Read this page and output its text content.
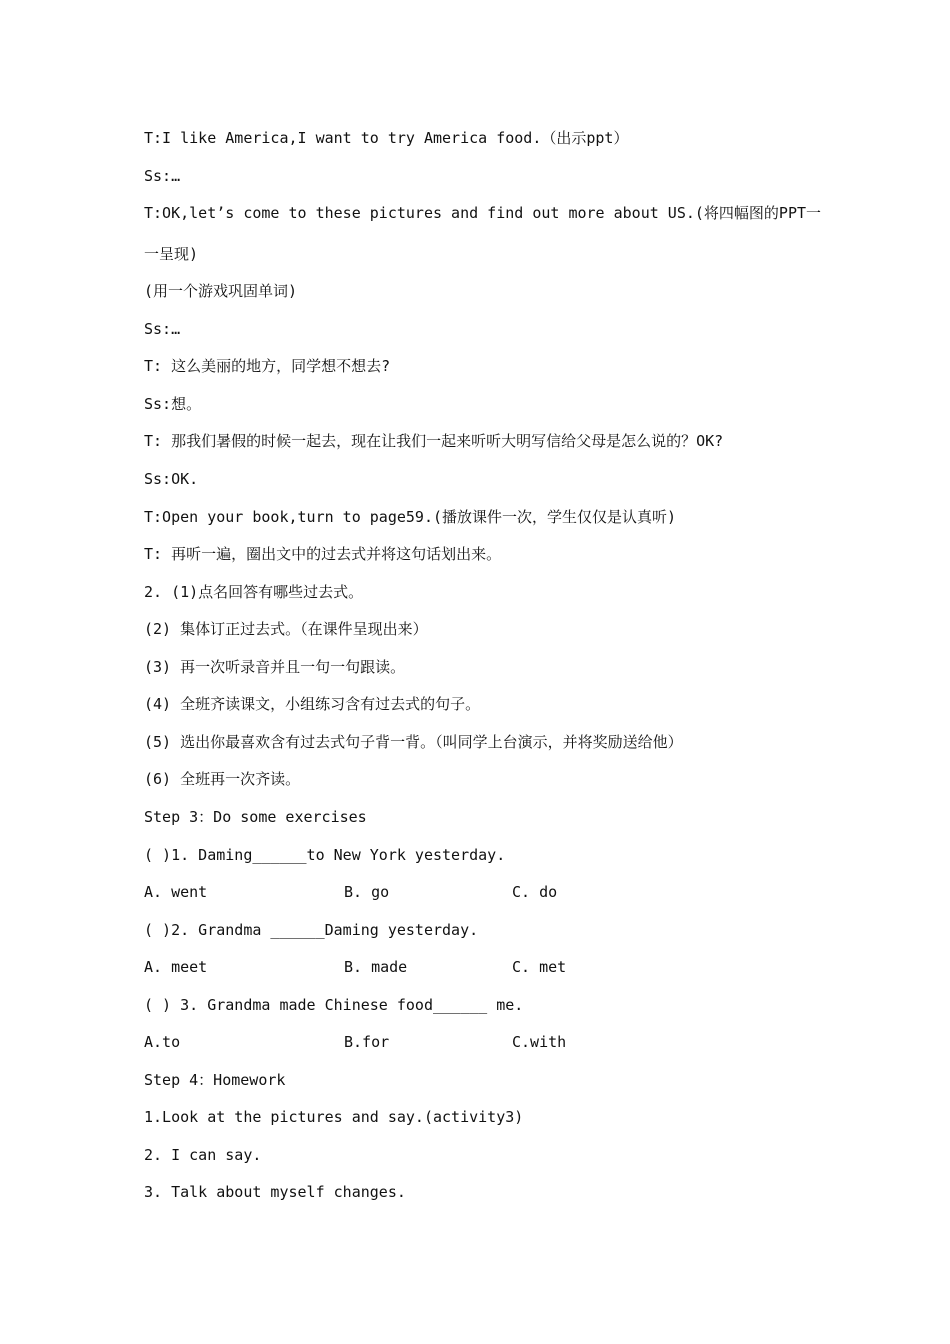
T:I like America,I want to try America food.（出示ppt）
Ss:…
T:OK,let’s come to these pictures and find out more about US.(将四幅图的PPT一
一呈现)
(用一个游戏巩固单词)
Ss:…
T: 这么美丽的地方，同学想不想去?
Ss:想。
T: 那我们暑假的时候一起去，现在让我们一起来听听大明写信给父母是怎么说的？OK?
Ss:OK.
T:Open your book,turn to page59.(播放课件一次，学生仅仅是认真听)
T: 再听一遍，圈出文中的过去式并将这句话划出来。
2. (1)点名回答有哪些过去式。
(2) 集体订正过去式。（在课件呈现出来）
(3) 再一次听录音并且一句一句跟读。
(4) 全班齐读课文，小组练习含有过去式的句子。
(5) 选出你最喜欢含有过去式句子背一背。（叫同学上台演示，并将奖励送给他）
(6) 全班再一次齐读。
Step 3：Do some exercises
( )1. Daming______to New York yesterday.
A. went	B. go	C. do
( )2. Grandma ______Daming yesterday.
A. meet	B. made	C. met
( ) 3. Grandma made Chinese food______ me.
A.to	B.for	C.with
Step 4：Homework
1.Look at the pictures and say.(activity3)
2. I can say.
3. Talk about myself changes.
